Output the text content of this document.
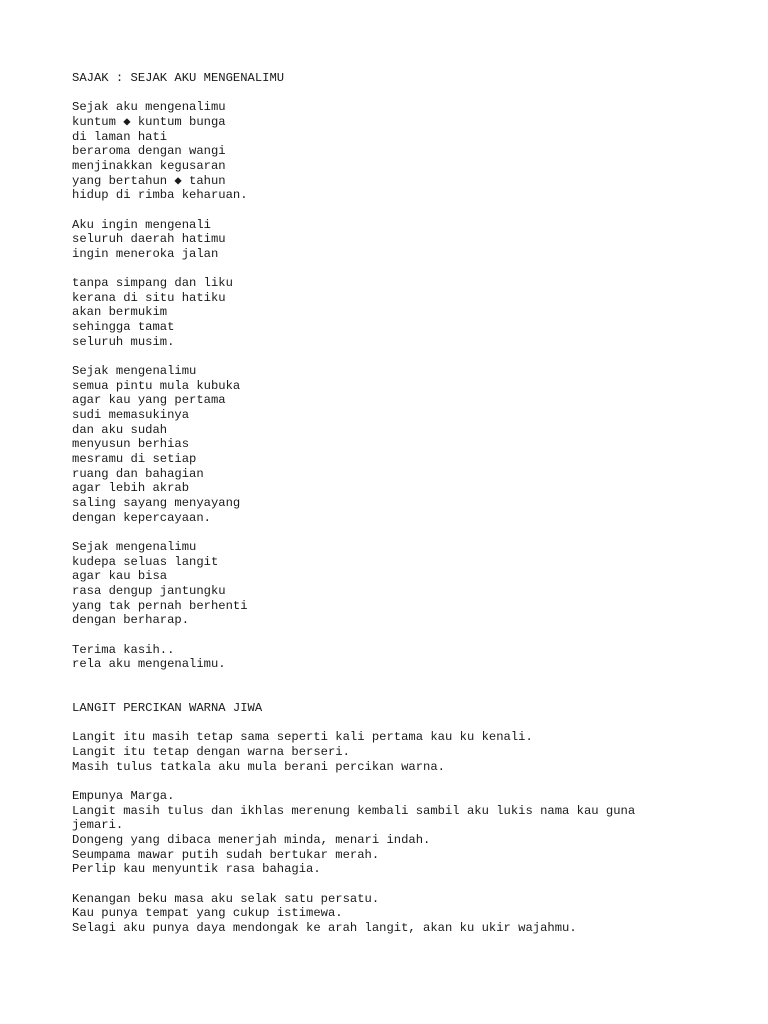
SAJAK : SEJAK AKU MENGENALIMU
Sejak aku mengenalimu
kuntum ◆ kuntum bunga
di laman hati
beraroma dengan wangi
menjinakkan kegusaran
yang bertahun ◆ tahun
hidup di rimba keharuan.
Aku ingin mengenali
seluruh daerah hatimu
ingin meneroka jalan
tanpa simpang dan liku
kerana di situ hatiku
akan bermukim
sehingga tamat
seluruh musim.
Sejak mengenalimu
semua pintu mula kubuka
agar kau yang pertama
sudi memasukinya
dan aku sudah
menyusun berhias
mesramu di setiap
ruang dan bahagian
agar lebih akrab
saling sayang menyayang
dengan kepercayaan.
Sejak mengenalimu
kudepa seluas langit
agar kau bisa
rasa dengup jantungku
yang tak pernah berhenti
dengan berharap.
Terima kasih..
rela aku mengenalimu.
LANGIT PERCIKAN WARNA JIWA
Langit itu masih tetap sama seperti kali pertama kau ku kenali.
Langit itu tetap dengan warna berseri.
Masih tulus tatkala aku mula berani percikan warna.
Empunya Marga.
Langit masih tulus dan ikhlas merenung kembali sambil aku lukis nama kau guna
jemari.
Dongeng yang dibaca menerjah minda, menari indah.
Seumpama mawar putih sudah bertukar merah.
Perlip kau menyuntik rasa bahagia.
Kenangan beku masa aku selak satu persatu.
Kau punya tempat yang cukup istimewa.
Selagi aku punya daya mendongak ke arah langit, akan ku ukir wajahmu.
